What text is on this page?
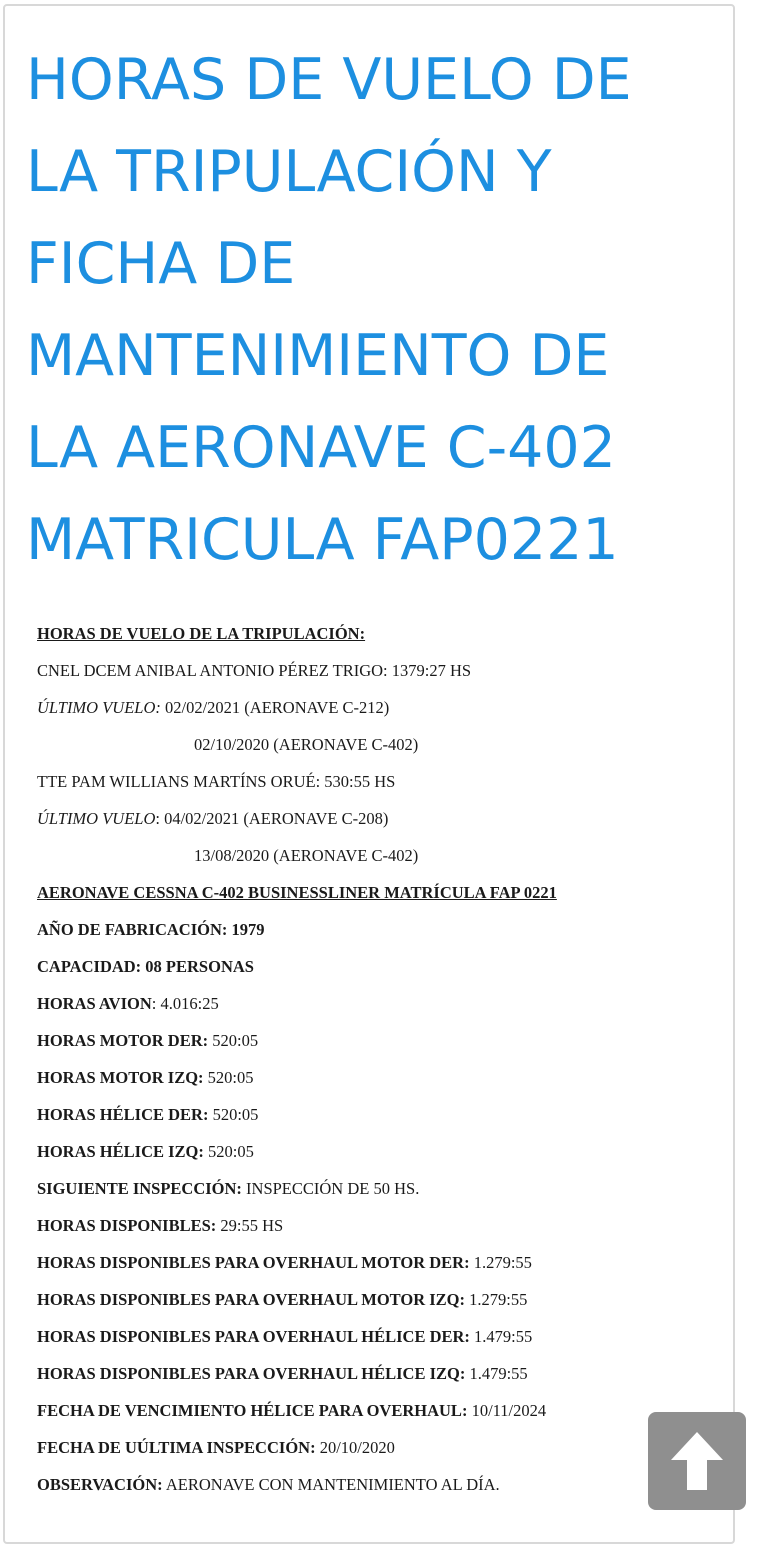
HORAS DE VUELO DE
LA TRIPULACIÓN Y
FICHA DE
MANTENIMIENTO DE
LA AERONAVE C-402
MATRICULA FAP0221
HORAS DE VUELO DE LA TRIPULACIÓN:
CNEL DCEM ANIBAL ANTONIO PÉREZ TRIGO: 1379:27 HS
ÚLTIMO VUELO: 02/02/2021 (AERONAVE C-212)
02/10/2020 (AERONAVE C-402)
TTE PAM WILLIANS MARTÍNS ORUÉ: 530:55 HS
ÚLTIMO VUELO: 04/02/2021 (AERONAVE C-208)
13/08/2020 (AERONAVE C-402)
AERONAVE CESSNA C-402 BUSINESSLINER MATRÍCULA FAP 0221
AÑO DE FABRICACIÓN: 1979
CAPACIDAD: 08 PERSONAS
HORAS AVION: 4.016:25
HORAS MOTOR DER: 520:05
HORAS MOTOR IZQ: 520:05
HORAS HÉLICE DER: 520:05
HORAS HÉLICE IZQ: 520:05
SIGUIENTE INSPECCIÓN: INSPECCIÓN DE 50 HS.
HORAS DISPONIBLES: 29:55 HS
HORAS DISPONIBLES PARA OVERHAUL MOTOR DER: 1.279:55
HORAS DISPONIBLES PARA OVERHAUL MOTOR IZQ: 1.279:55
HORAS DISPONIBLES PARA OVERHAUL HÉLICE DER: 1.479:55
HORAS DISPONIBLES PARA OVERHAUL HÉLICE IZQ: 1.479:55
FECHA DE VENCIMIENTO HÉLICE PARA OVERHAUL: 10/11/2024
FECHA DE UÚLTIMA INSPECCIÓN: 20/10/2020
OBSERVACIÓN: AERONAVE CON MANTENIMIENTO AL DÍA.
